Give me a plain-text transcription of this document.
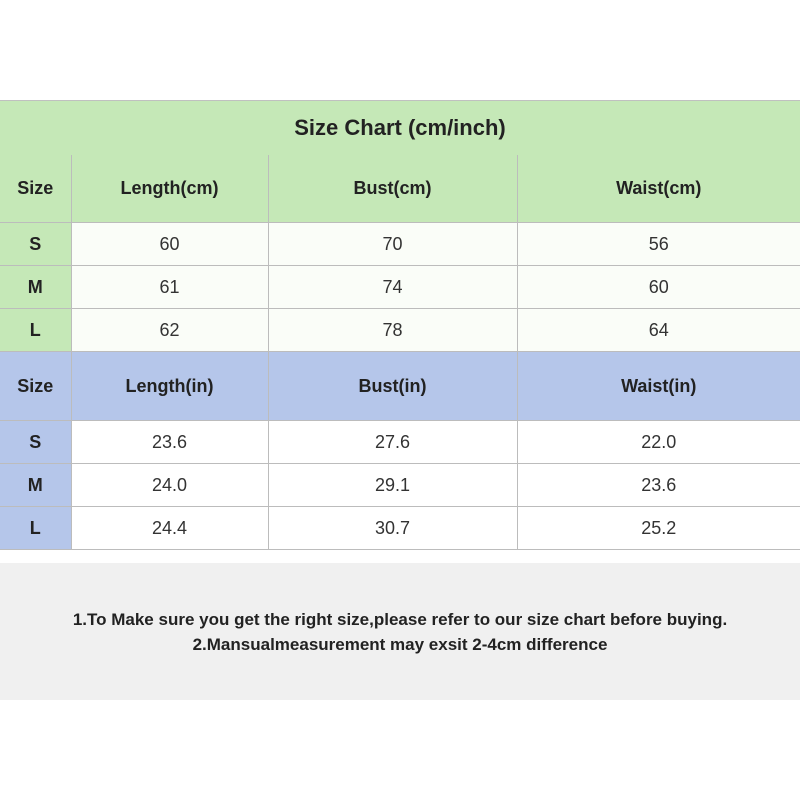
Size Chart (cm/inch)
Size	Length(cm)	Bust(cm)	Waist(cm)
S	60	70	56
M	61	74	60
L	62	78	64
Size	Length(in)	Bust(in)	Waist(in)
S	23.6	27.6	22.0
M	24.0	29.1	23.6
L	24.4	30.7	25.2
1.To Make sure you get the right size,please refer to our size chart before buying.
2.Mansualmeasurement may exsit 2-4cm difference
